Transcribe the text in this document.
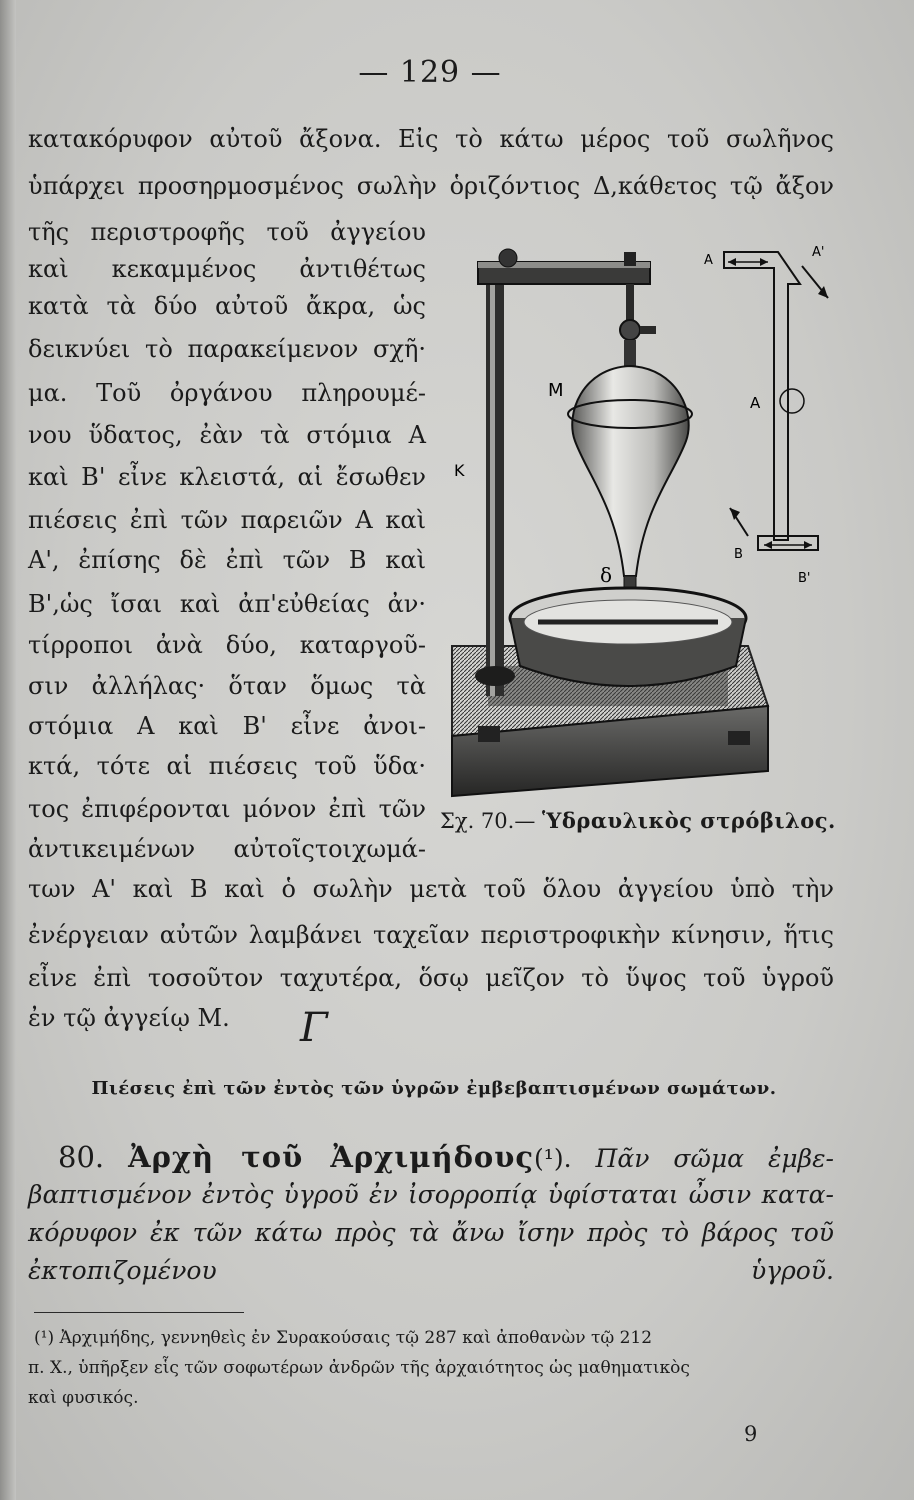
— 129 —
κατακόρυφον αὐτοῦ ἄξονα. Εἰς τὸ κάτω μέρος τοῦ σωλῆνος
ὑπάρχει προσηρμοσμένος σωλὴν ὁριζόντιος Δ,κάθετος τῷ ἄξον
τῆς περιστροφῆς τοῦ ἀγγείου
καὶ κεκαμμένος ἀντιθέτως
κατὰ τὰ δύο αὐτοῦ ἄκρα, ὡς
δεικνύει τὸ παρακείμενον σχῆ·
μα. Τοῦ ὀργάνου πληρουμέ-
νου ὕδατος, ἐὰν τὰ στόμια Α
καὶ Β' εἶνε κλειστά, αἱ ἔσωθεν
πιέσεις ἐπὶ τῶν παρειῶν Α καὶ
Α', ἐπίσης δὲ ἐπὶ τῶν Β καὶ
Β',ὡς ἴσαι καὶ ἀπ'εὐθείας ἀν·
τίρροποι ἀνὰ δύο, καταργοῦ-
σιν ἀλλήλας· ὅταν ὅμως τὰ
στόμια Α καὶ Β' εἶνε ἀνοι-
κτά, τότε αἱ πιέσεις τοῦ ὕδα·
τος ἐπιφέρονται μόνον ἐπὶ τῶν
ἀντικειμένων αὐτοῖςτοιχωμά-
των Α' καὶ Β καὶ ὁ σωλὴν μετὰ τοῦ ὅλου ἀγγείου ὑπὸ τὴν
ἐνέργειαν αὐτῶν λαμβάνει ταχεῖαν περιστροφικὴν κίνησιν, ἥτις
εἶνε ἐπὶ τοσοῦτον ταχυτέρα, ὅσῳ μεῖζον τὸ ὕψος τοῦ ὑγροῦ
ἐν τῷ ἀγγείῳ Μ.	Γ
Μ
Κ
δ
Α
Α'
Α
Β
Β'
Σχ. 70.— Ὑδραυλικὸς στρόβιλος.
Πιέσεις ἐπὶ τῶν ἐντὸς τῶν ὑγρῶν ἐμβεβαπτισμένων σωμάτων.
80. Ἀρχὴ τοῦ Ἀρχιμήδους(¹). Πᾶν σῶμα ἐμβε-
βαπτισμένον ἐντὸς ὑγροῦ ἐν ἰσορροπίᾳ ὑφίσταται ὦσιν κατα-
κόρυφον ἐκ τῶν κάτω πρὸς τὰ ἄνω ἴσην πρὸς τὸ βάρος τοῦ
ἐκτοπιζομένου ὑγροῦ.
(¹) Ἀρχιμήδης, γεννηθεὶς ἐν Συρακούσαις τῷ 287 καὶ ἀποθανὼν τῷ 212
π. Χ., ὑπῆρξεν εἷς τῶν σοφωτέρων ἀνδρῶν τῆς ἀρχαιότητος ὡς μαθηματικὸς
καὶ φυσικός.
9
